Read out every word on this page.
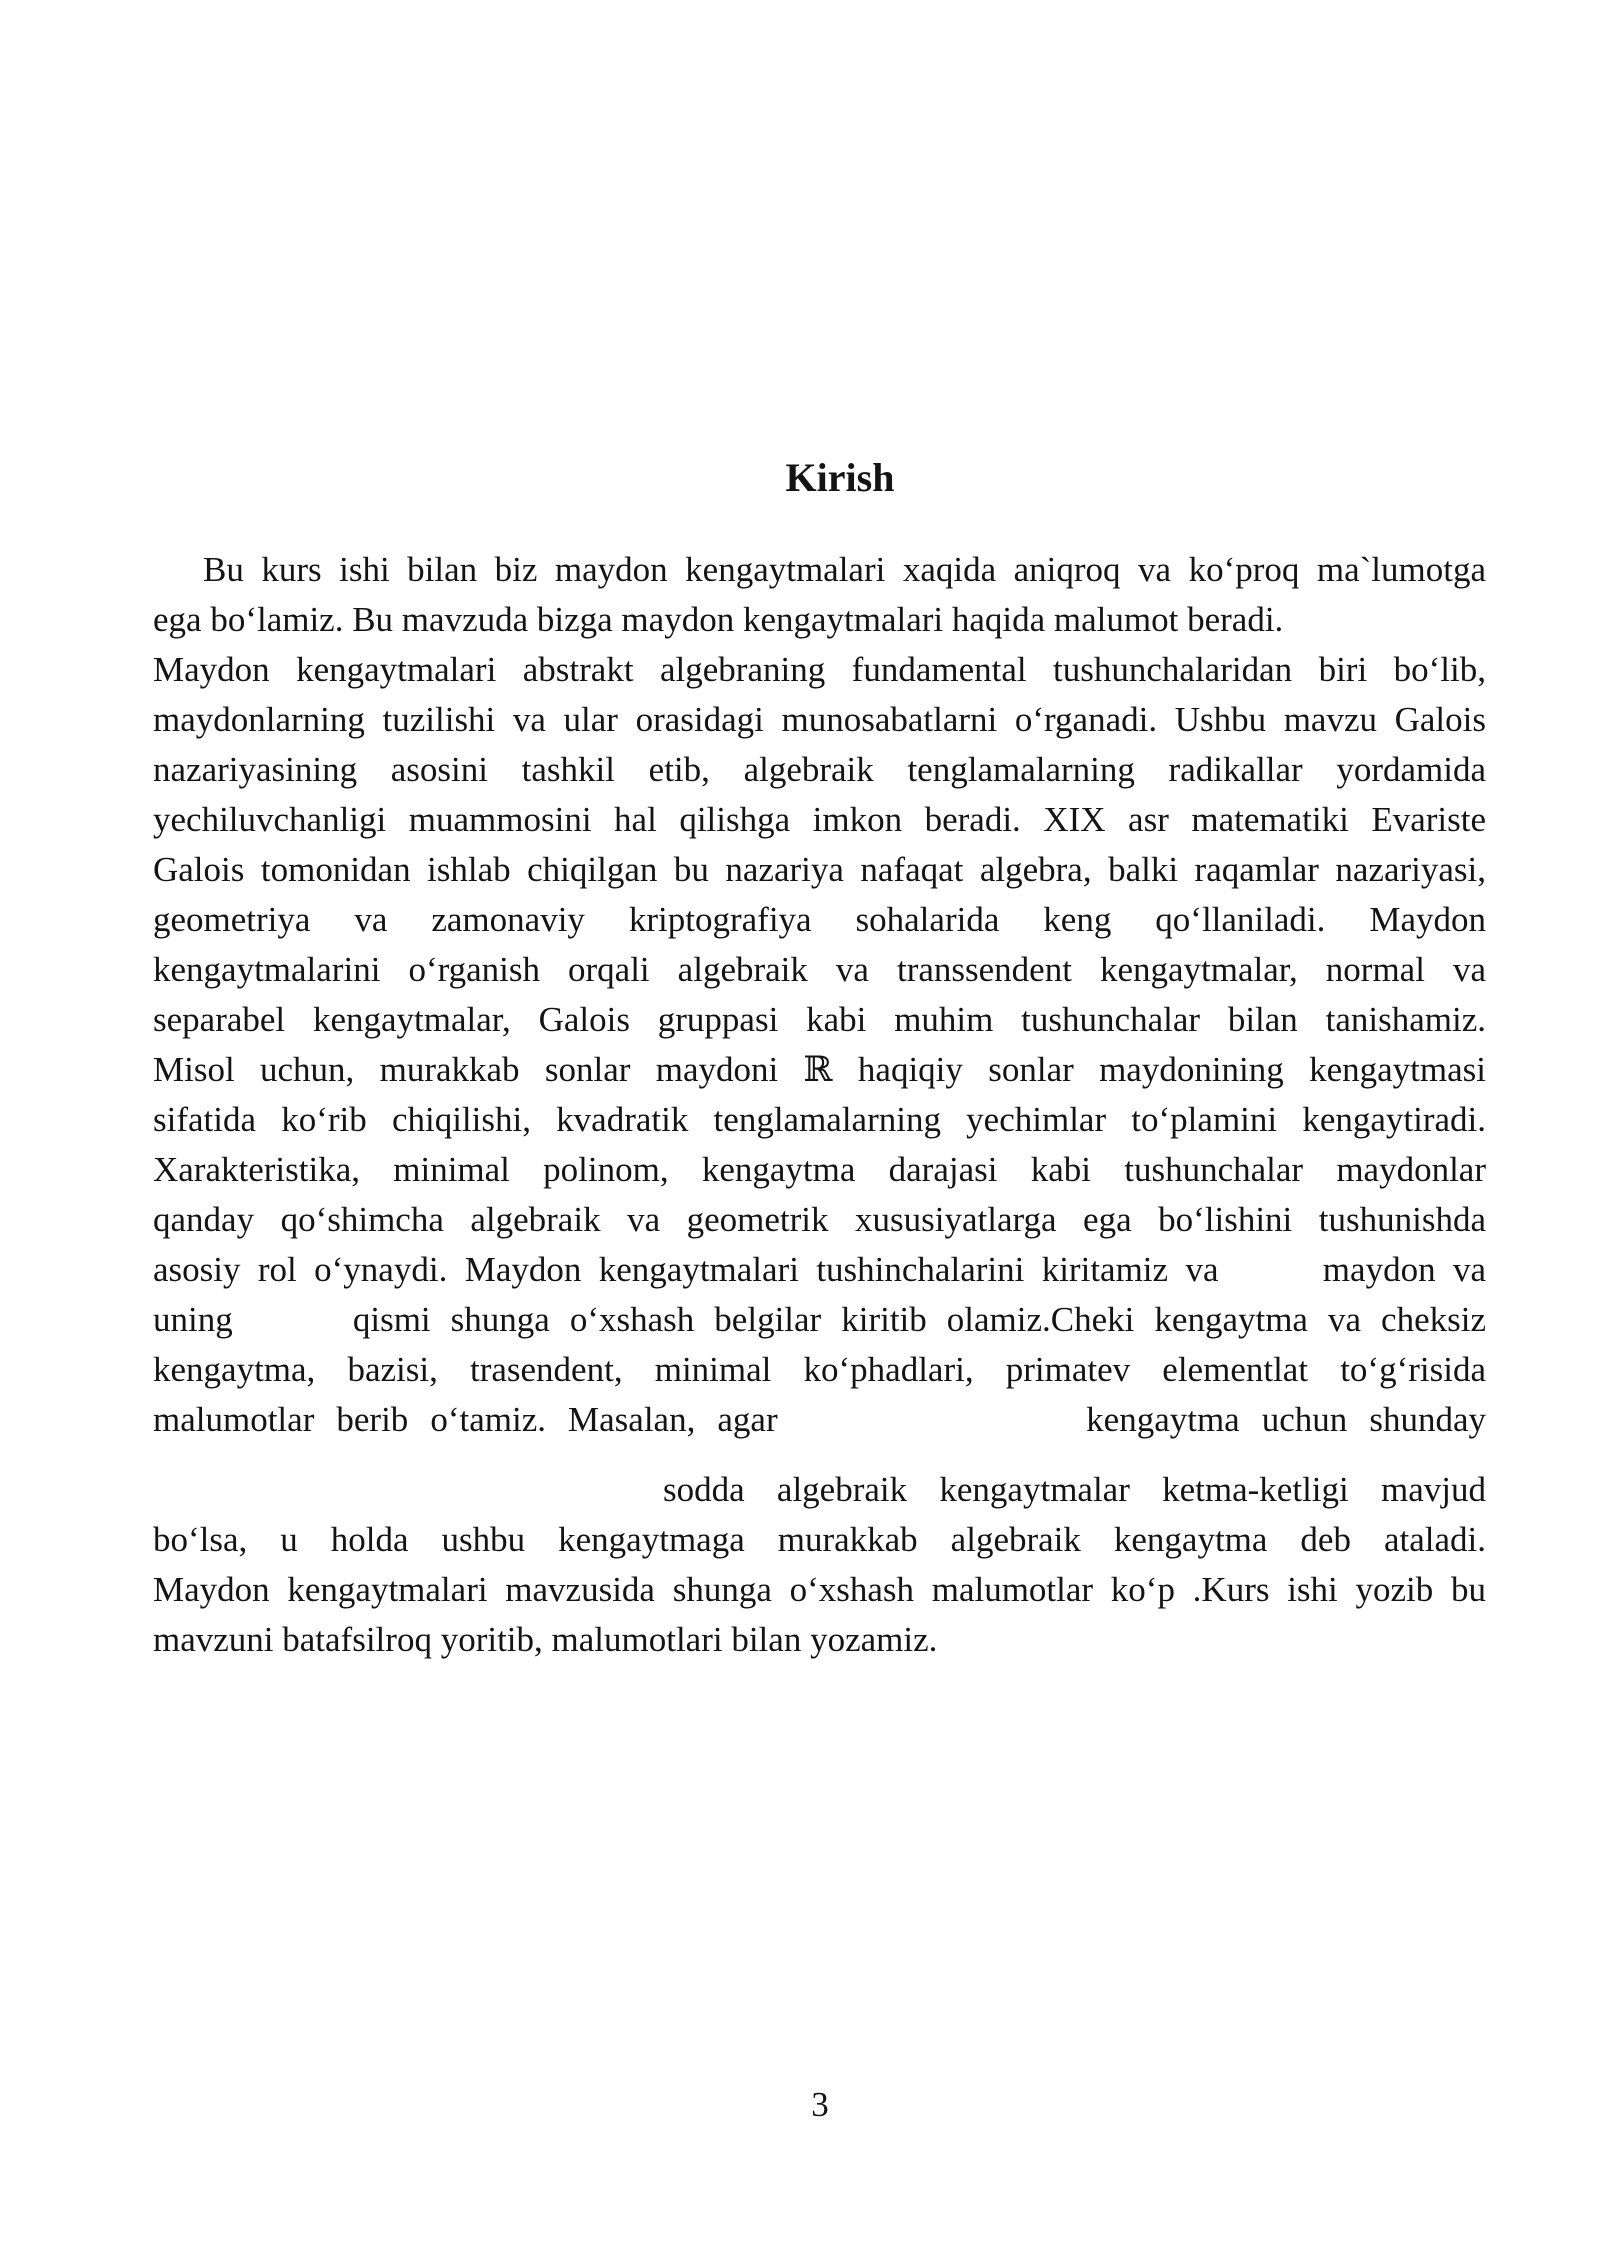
Kirish
Bu kurs ishi bilan biz maydon kengaytmalari xaqida aniqroq va ko‘proq ma`lumotga
ega bo‘lamiz. Bu mavzuda bizga maydon kengaytmalari haqida malumot beradi.
Maydon kengaytmalari abstrakt algebraning fundamental tushunchalaridan biri bo‘lib,
maydonlarning tuzilishi va ular orasidagi munosabatlarni o‘rganadi. Ushbu mavzu Galois
nazariyasining asosini tashkil etib, algebraik tenglamalarning radikallar yordamida
yechiluvchanligi muammosini hal qilishga imkon beradi. XIX asr matematiki Evariste
Galois tomonidan ishlab chiqilgan bu nazariya nafaqat algebra, balki raqamlar nazariyasi,
geometriya va zamonaviy kriptografiya sohalarida keng qo‘llaniladi. Maydon
kengaytmalarini o‘rganish orqali algebraik va transsendent kengaytmalar, normal va
separabel kengaytmalar, Galois gruppasi kabi muhim tushunchalar bilan tanishamiz.
Misol uchun, murakkab sonlar maydoni ℝ haqiqiy sonlar maydonining kengaytmasi
sifatida ko‘rib chiqilishi, kvadratik tenglamalarning yechimlar to‘plamini kengaytiradi.
Xarakteristika, minimal polinom, kengaytma darajasi kabi tushunchalar maydonlar
qanday qo‘shimcha algebraik va geometrik xususiyatlarga ega bo‘lishini tushunishda
asosiy rol o‘ynaydi. Maydon kengaytmalari tushinchalarini kiritamiz va      maydon va
uning      qismi shunga o‘xshash belgilar kiritib olamiz.Cheki kengaytma va cheksiz
kengaytma, bazisi, trasendent, minimal ko‘phadlari, primatev elementlat to‘g‘risida
malumotlar berib o‘tamiz. Masalan, agar              kengaytma uchun shunday
sodda algebraik kengaytmalar ketma-ketligi mavjud
bo‘lsa, u holda ushbu kengaytmaga murakkab algebraik kengaytma deb ataladi.
Maydon kengaytmalari mavzusida shunga o‘xshash malumotlar ko‘p .Kurs ishi yozib bu
mavzuni batafsilroq yoritib, malumotlari bilan yozamiz.
3
